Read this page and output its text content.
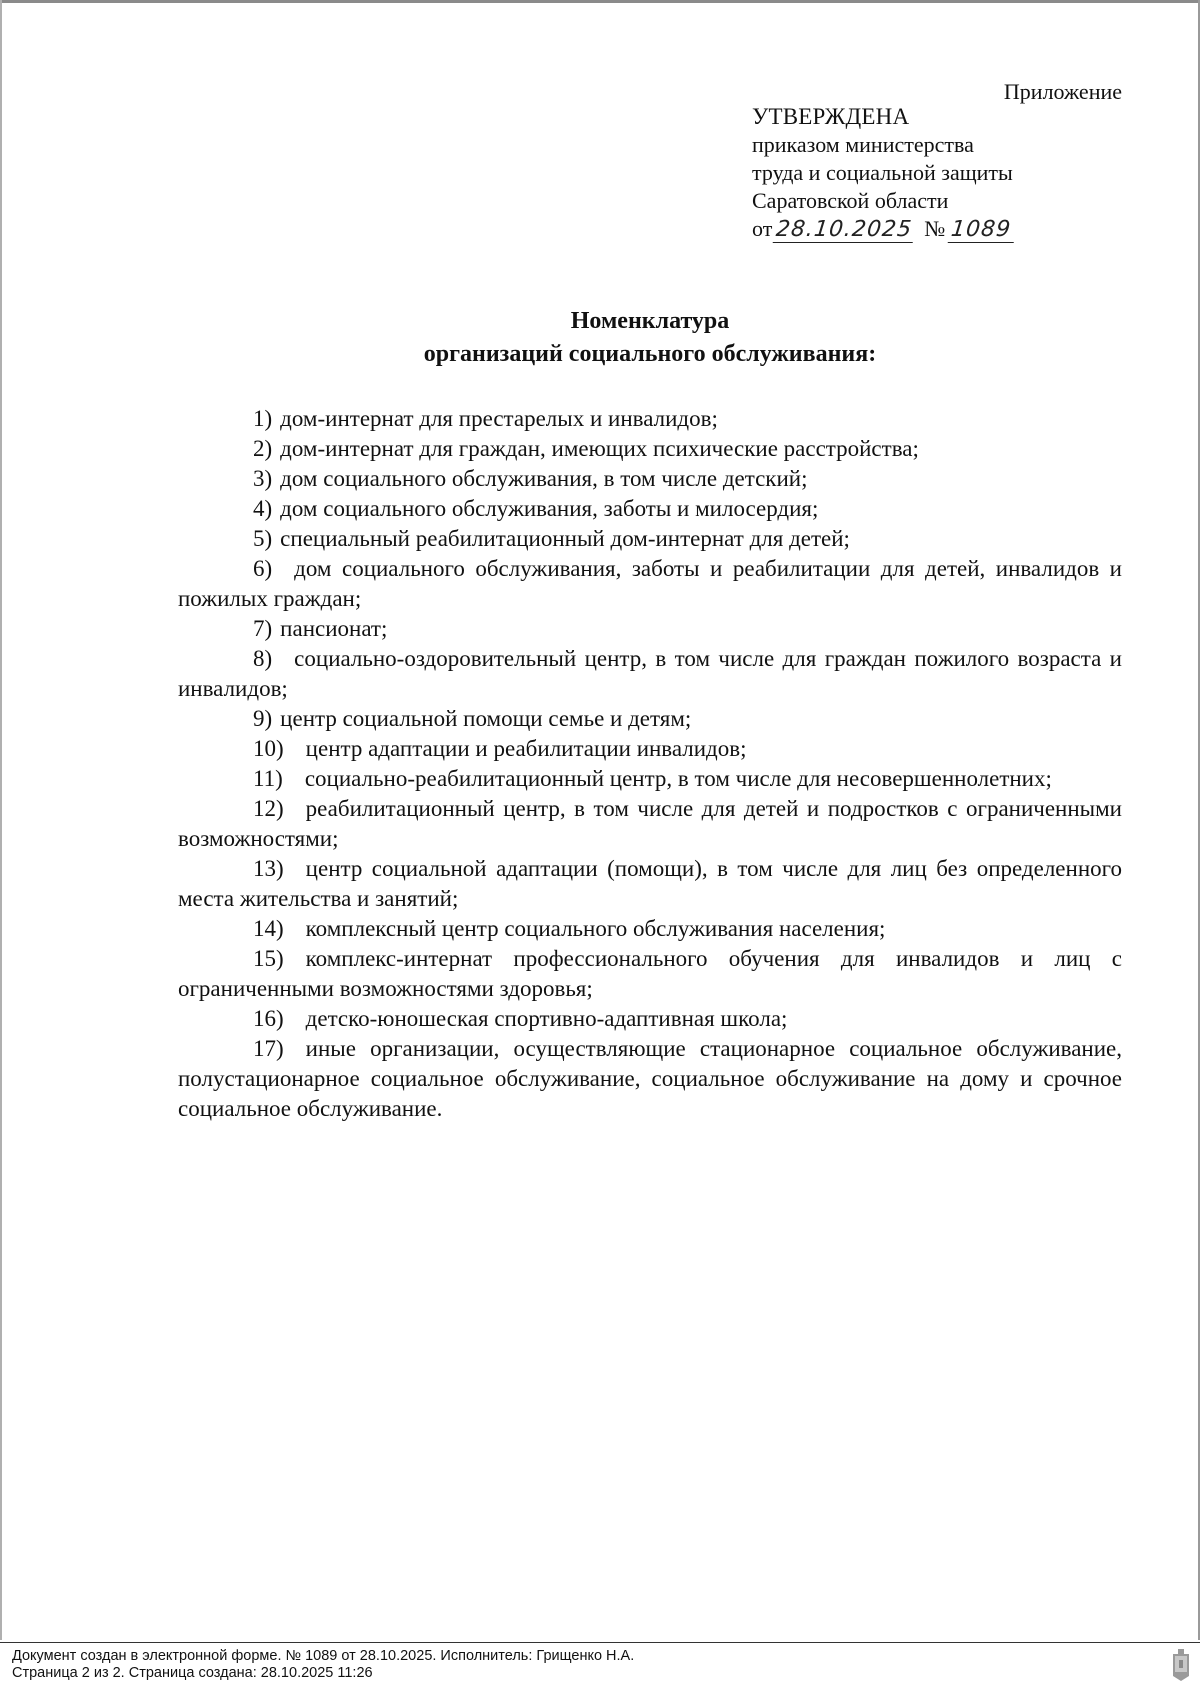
Приложение

УТВЕРЖДЕНА
приказом министерства
труда и социальной защиты
Саратовской области
от 28.10.2025 № 1089
Номенклатура
организаций социального обслуживания:
1) дом-интернат для престарелых и инвалидов;
2) дом-интернат для граждан, имеющих психические расстройства;
3) дом социального обслуживания, в том числе детский;
4) дом социального обслуживания, заботы и милосердия;
5) специальный реабилитационный дом-интернат для детей;
6) дом социального обслуживания, заботы и реабилитации для детей, инвалидов и пожилых граждан;
7) пансионат;
8) социально-оздоровительный центр, в том числе для граждан пожилого возраста и инвалидов;
9) центр социальной помощи семье и детям;
10) центр адаптации и реабилитации инвалидов;
11) социально-реабилитационный центр, в том числе для несовершеннолетних;
12) реабилитационный центр, в том числе для детей и подростков с ограниченными возможностями;
13) центр социальной адаптации (помощи), в том числе для лиц без определенного места жительства и занятий;
14) комплексный центр социального обслуживания населения;
15) комплекс-интернат профессионального обучения для инвалидов и лиц с ограниченными возможностями здоровья;
16) детско-юношеская спортивно-адаптивная школа;
17) иные организации, осуществляющие стационарное социальное обслуживание, полустационарное социальное обслуживание, социальное обслуживание на дому и срочное социальное обслуживание.
Документ создан в электронной форме. № 1089 от 28.10.2025. Исполнитель: Грищенко Н.А.
Страница 2 из 2. Страница создана: 28.10.2025 11:26
